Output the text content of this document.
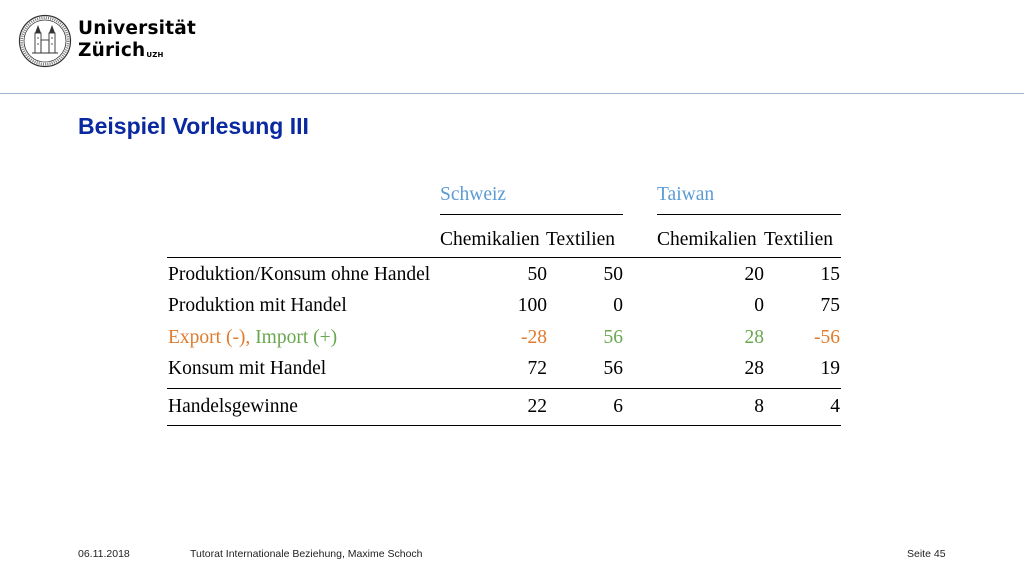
Universität
Zürich$^{UZH}$
Beispiel Vorlesung III
Schweiz	Taiwan
Chemikalien Textilien Chemikalien Textilien
Produktion/Konsum ohne Handel	50	50	20	15
Produktion mit Handel	100	0	0	75
Export (-), Import (+)	-28	56	28	-56
Konsum mit Handel	72	56	28	19
Handelsgewinne	22	6	8	4
06.11.2018	Tutorat Internationale Beziehung, Maxime Schoch	Seite 45
